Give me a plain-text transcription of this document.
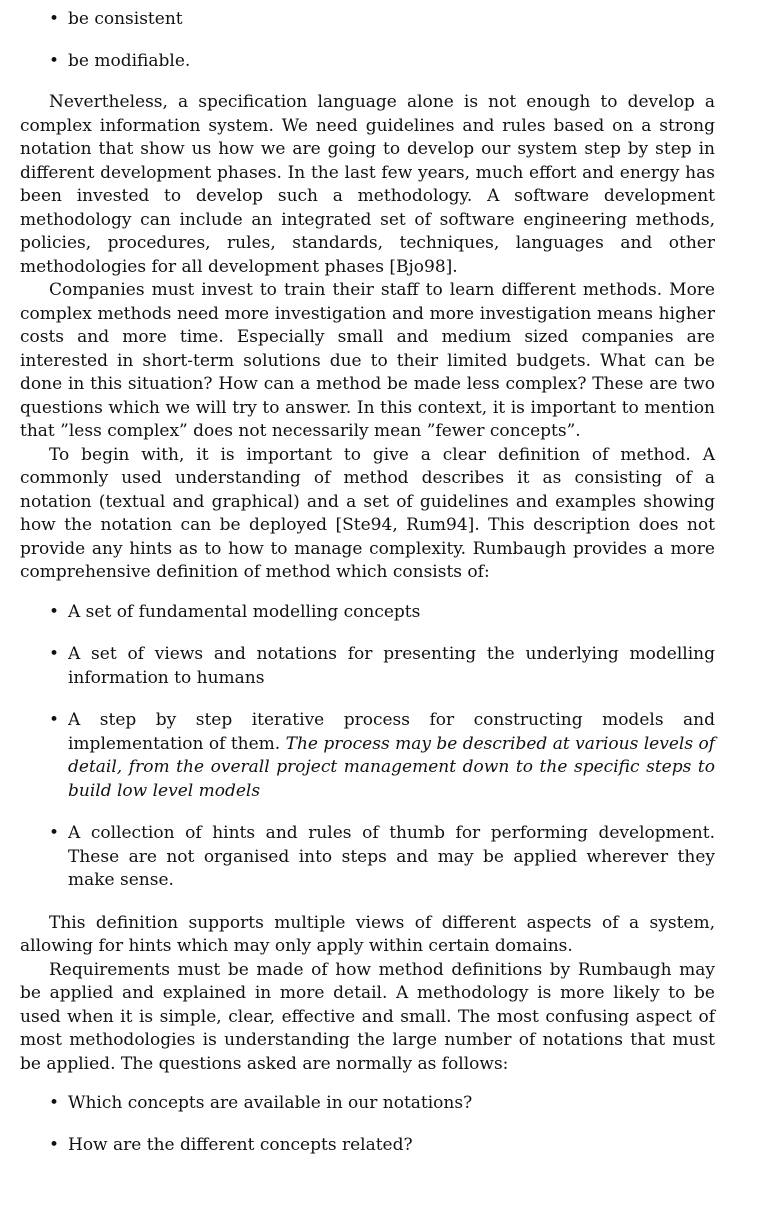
• be consistent
• be modifiable.

Nevertheless, a specification language alone is not enough to develop a complex information system. We need guidelines and rules based on a strong notation that show us how we are going to develop our system step by step in different development phases. In the last few years, much effort and energy has been invested to develop such a methodology. A software development methodology can include an integrated set of software engineering methods, policies, procedures, rules, standards, techniques, languages and other methodologies for all development phases [Bjo98].

Companies must invest to train their staff to learn different methods. More complex methods need more investigation and more investigation means higher costs and more time. Especially small and medium sized companies are interested in short-term solutions due to their limited budgets. What can be done in this situation? How can a method be made less complex? These are two questions which we will try to answer. In this context, it is important to mention that ”less complex” does not necessarily mean ”fewer concepts”.

To begin with, it is important to give a clear definition of method. A commonly used understanding of method describes it as consisting of a notation (textual and graphical) and a set of guidelines and examples showing how the notation can be deployed [Ste94, Rum94]. This description does not provide any hints as to how to manage complexity. Rumbaugh provides a more comprehensive definition of method which consists of:

• A set of fundamental modelling concepts
• A set of views and notations for presenting the underlying modelling information to humans
• A step by step iterative process for constructing models and implementation of them. The process may be described at various levels of detail, from the overall project management down to the specific steps to build low level models
• A collection of hints and rules of thumb for performing development. These are not organised into steps and may be applied wherever they make sense.

This definition supports multiple views of different aspects of a system, allowing for hints which may only apply within certain domains.

Requirements must be made of how method definitions by Rumbaugh may be applied and explained in more detail. A methodology is more likely to be used when it is simple, clear, effective and small. The most confusing aspect of most methodologies is understanding the large number of notations that must be applied. The questions asked are normally as follows:

• Which concepts are available in our notations?
• How are the different concepts related?
